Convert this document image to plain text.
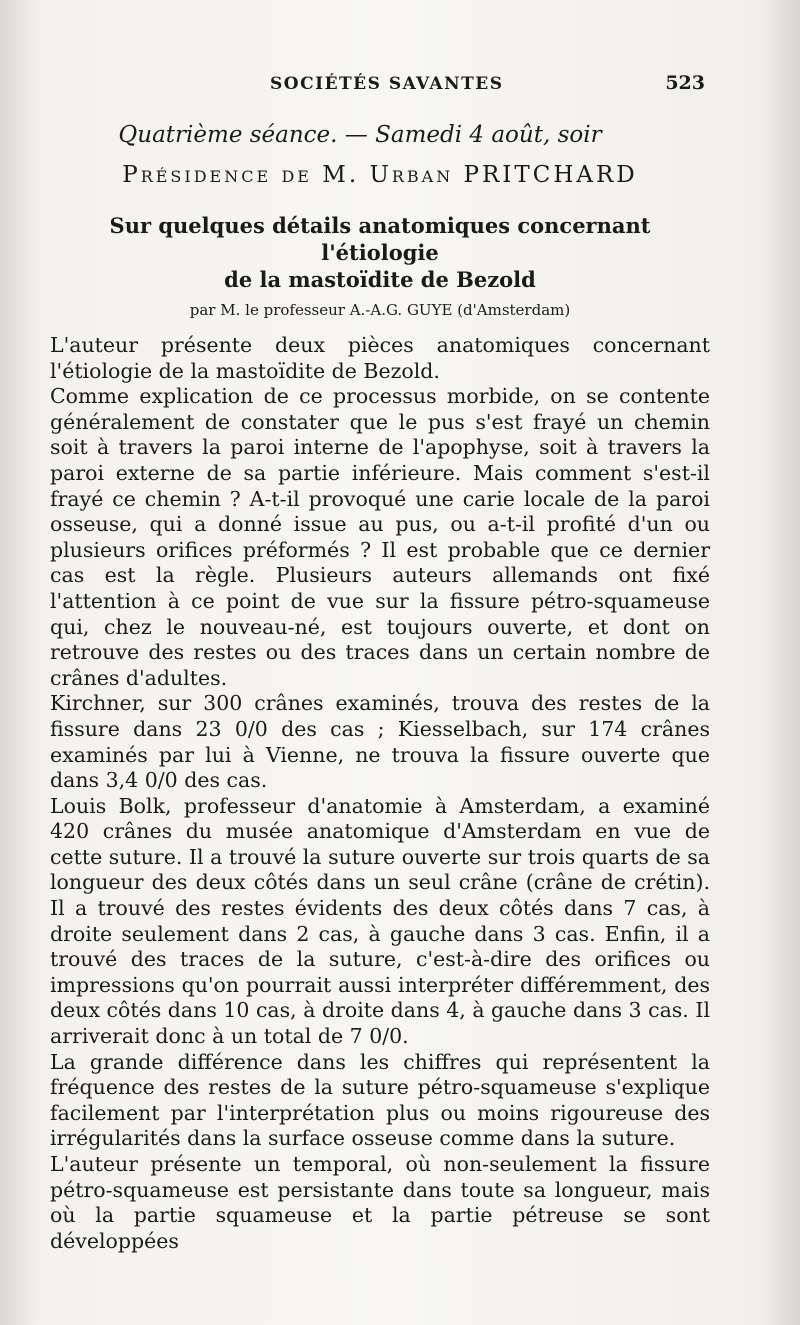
SOCIÉTÉS SAVANTES	523
Quatrième séance. — Samedi 4 août, soir
Présidence de M. Urban PRITCHARD
Sur quelques détails anatomiques concernant l'étiologie
de la mastoïdite de Bezold
par M. le professeur A.-A.G. GUYE (d'Amsterdam)

L'auteur présente deux pièces anatomiques concernant l'étiologie de la mastoïdite de Bezold.

Comme explication de ce processus morbide, on se contente généralement de constater que le pus s'est frayé un chemin soit à travers la paroi interne de l'apophyse, soit à travers la paroi externe de sa partie inférieure. Mais comment s'est-il frayé ce chemin ? A-t-il provoqué une carie locale de la paroi osseuse, qui a donné issue au pus, ou a-t-il profité d'un ou plusieurs orifices préformés ? Il est probable que ce dernier cas est la règle. Plusieurs auteurs allemands ont fixé l'attention à ce point de vue sur la fissure pétro-squameuse qui, chez le nouveau-né, est toujours ouverte, et dont on retrouve des restes ou des traces dans un certain nombre de crânes d'adultes.

Kirchner, sur 300 crânes examinés, trouva des restes de la fissure dans 23 0/0 des cas ; Kiesselbach, sur 174 crânes examinés par lui à Vienne, ne trouva la fissure ouverte que dans 3,4 0/0 des cas.

Louis Bolk, professeur d'anatomie à Amsterdam, a examiné 420 crânes du musée anatomique d'Amsterdam en vue de cette suture. Il a trouvé la suture ouverte sur trois quarts de sa longueur des deux côtés dans un seul crâne (crâne de crétin). Il a trouvé des restes évidents des deux côtés dans 7 cas, à droite seulement dans 2 cas, à gauche dans 3 cas. Enfin, il a trouvé des traces de la suture, c'est-à-dire des orifices ou impressions qu'on pourrait aussi interpréter différemment, des deux côtés dans 10 cas, à droite dans 4, à gauche dans 3 cas. Il arriverait donc à un total de 7 0/0.

La grande différence dans les chiffres qui représentent la fréquence des restes de la suture pétro-squameuse s'explique facilement par l'interprétation plus ou moins rigoureuse des irrégularités dans la surface osseuse comme dans la suture.

L'auteur présente un temporal, où non-seulement la fissure pétro-squameuse est persistante dans toute sa longueur, mais où la partie squameuse et la partie pétreuse se sont développées
